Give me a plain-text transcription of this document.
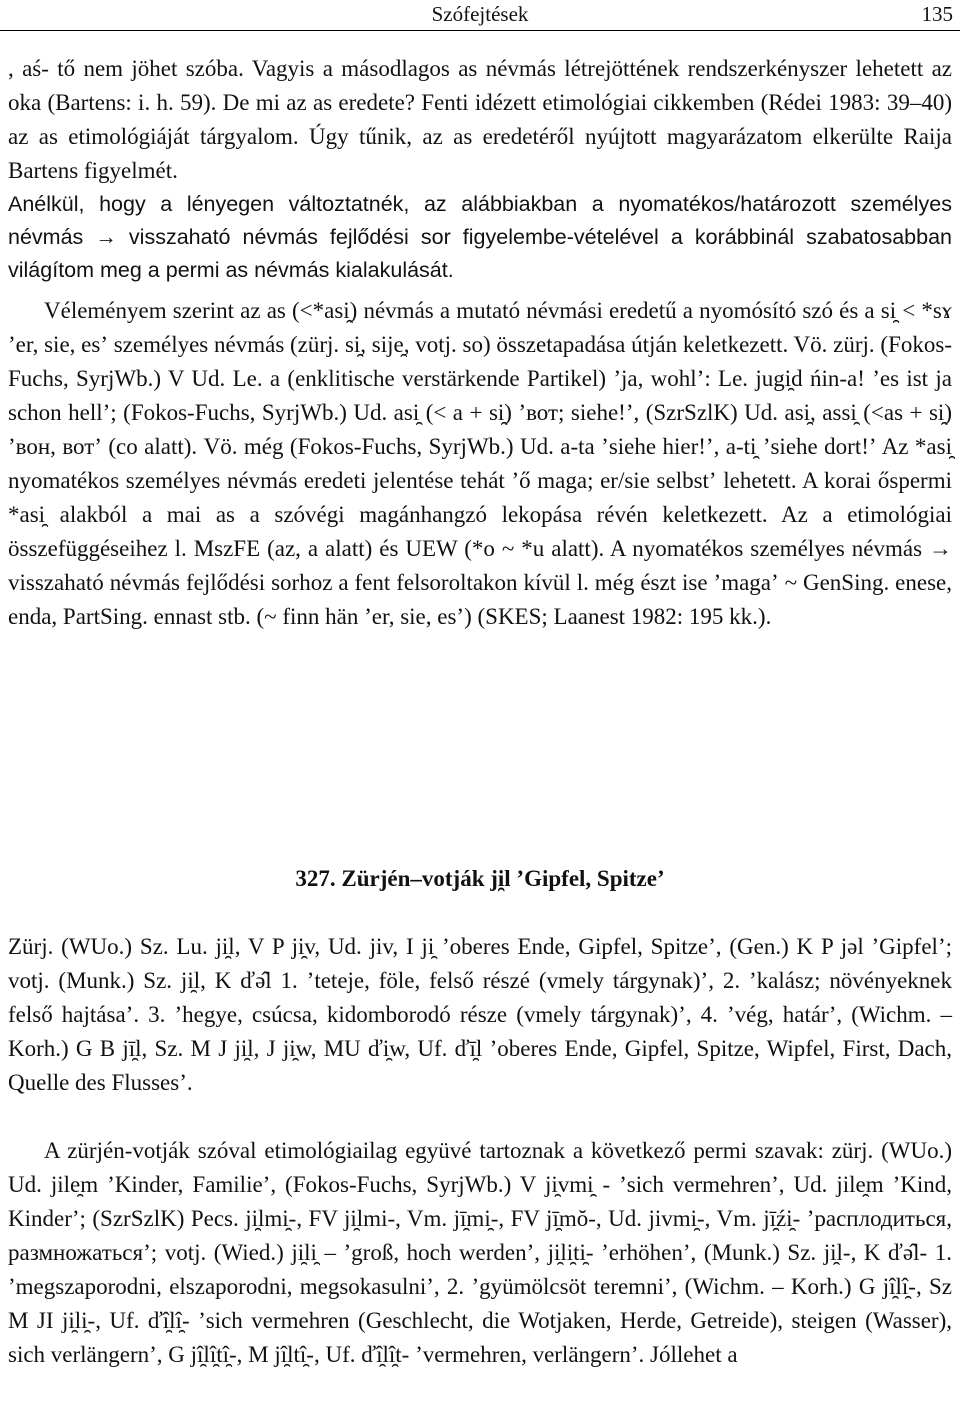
Szófejtések	135

, aś- tő nem jöhet szóba. Vagyis a másodlagos as névmás létrejöttének rendszerkényszer lehetett az oka (Bartens: i. h. 59). De mi az as eredete? Fenti idézett etimológiai cikkemben (Rédei 1983: 39–40) az as etimológiáját tárgyalom. Úgy tűnik, az as eredetéről nyújtott magyarázatom elkerülte Raija Bartens figyelmét.

Anélkül, hogy a lényegen változtatnék, az alábbiakban a nyomatékos/határozott személyes névmás → visszaható névmás fejlődési sor figyelembe-vételével a korábbinál szabatosabban világítom meg a permi as névmás kialakulását.

Véleményem szerint az as (<*asi̯) névmás a mutató névmási eredetű a nyomósító szó és a si̯ < *sɤ ʼer, sie, esʼ személyes névmás (zürj. si̯, sije̯, votj. so) összetapadása útján keletkezett. Vö. zürj. (Fokos-Fuchs, SyrjWb.) V Ud. Le. a (enklitische verstärkende Partikel) ʼja, wohlʼ: Le. jugi̯d ńin-a! ʼes ist ja schon hellʼ; (Fokos-Fuchs, SyrjWb.) Ud. asi̯ (< a + si̯) ʼвот; siehe!ʼ, (SzrSzlK) Ud. asi̯, assi̯ (<as + si̯) ʼвон, вотʼ (co alatt). Vö. még (Fokos-Fuchs, SyrjWb.) Ud. a-ta ʼsiehe hier!ʼ, a-ti̯ ʼsiehe dort!ʼ Az *asi̯ nyomatékos személyes névmás eredeti jelentése tehát ʼő maga; er/sie selbstʼ lehetett. A korai őspermi *asi̯ alakból a mai as a szóvégi magánhangzó lekopása révén keletkezett. Az a etimológiai összefüggéseihez l. MszFE (az, a alatt) és UEW (*o ~ *u alatt). A nyomatékos személyes névmás → visszaható névmás fejlődési sorhoz a fent felsoroltakon kívül l. még észt ise ʼmagaʼ ~ GenSing. enese, enda, PartSing. ennast stb. (~ finn hän ʼer, sie, esʼ) (SKES; Laanest 1982: 195 kk.).

327. Zürjén–votják ji̯l ʼGipfel, Spitzeʼ

Zürj. (WUo.) Sz. Lu. ji̯l, V P ji̯v, Ud. jiv, I ji̯ ʼoberes Ende, Gipfel, Spitzeʼ, (Gen.) K P jəl ʼGipfelʼ; votj. (Munk.) Sz. ji̯l, K ďə̂l 1. ʼteteje, föle, felső részé (vmely tárgynak)ʼ, 2. ʼkalász; növényeknek felső hajtásaʼ. 3. ʼhegye, csúcsa, kidomborodó része (vmely tárgynak)ʼ, 4. ʼvég, határʼ, (Wichm. – Korh.) G B jī̯l, Sz. M J ji̯l, J ji̯w, MU ďi̯w, Uf. ďī̯l ʼoberes Ende, Gipfel, Spitze, Wipfel, First, Dach, Quelle des Flussesʼ.

A zürjén-votják szóval etimológiailag együvé tartoznak a következő permi szavak: zürj. (WUo.) Ud. jile̯m ʼKinder, Familieʼ, (Fokos-Fuchs, SyrjWb.) V ji̯vmi̯ - ʼsich vermehrenʼ, Ud. jile̯m ʼKind, Kinderʼ; (SzrSzlK) Pecs. ji̯lmi̯-, FV ji̯lmi-, Vm. jī̯mi̯-, FV jī̯mŏ-, Ud. jivmi̯-, Vm. jī̯źi̯- ʼрасплодиться, размножатьсяʼ; votj. (Wied.) ji̯li̯ – ʼgroß, hoch werdenʼ, ji̯li̯ti̯- ʼerhöhenʼ, (Munk.) Sz. ji̯l-, K ďə̂l- 1. ʼmegszaporodni, elszaporodni, megsokasulniʼ, 2. ʼgyümölcsöt teremniʼ, (Wichm. – Korh.) G jî̯lî̯-, Sz M JI ji̯li̯-, Uf. ďî̯lî̯- ʼsich vermehren (Geschlecht, die Wotjaken, Herde, Getreide), steigen (Wasser), sich verlängernʼ, G jî̯lî̯tî̯-, M jî̯ltî̯-, Uf. ďî̯lî̯t- ʼvermehren, verlängernʼ. Jóllehet a
